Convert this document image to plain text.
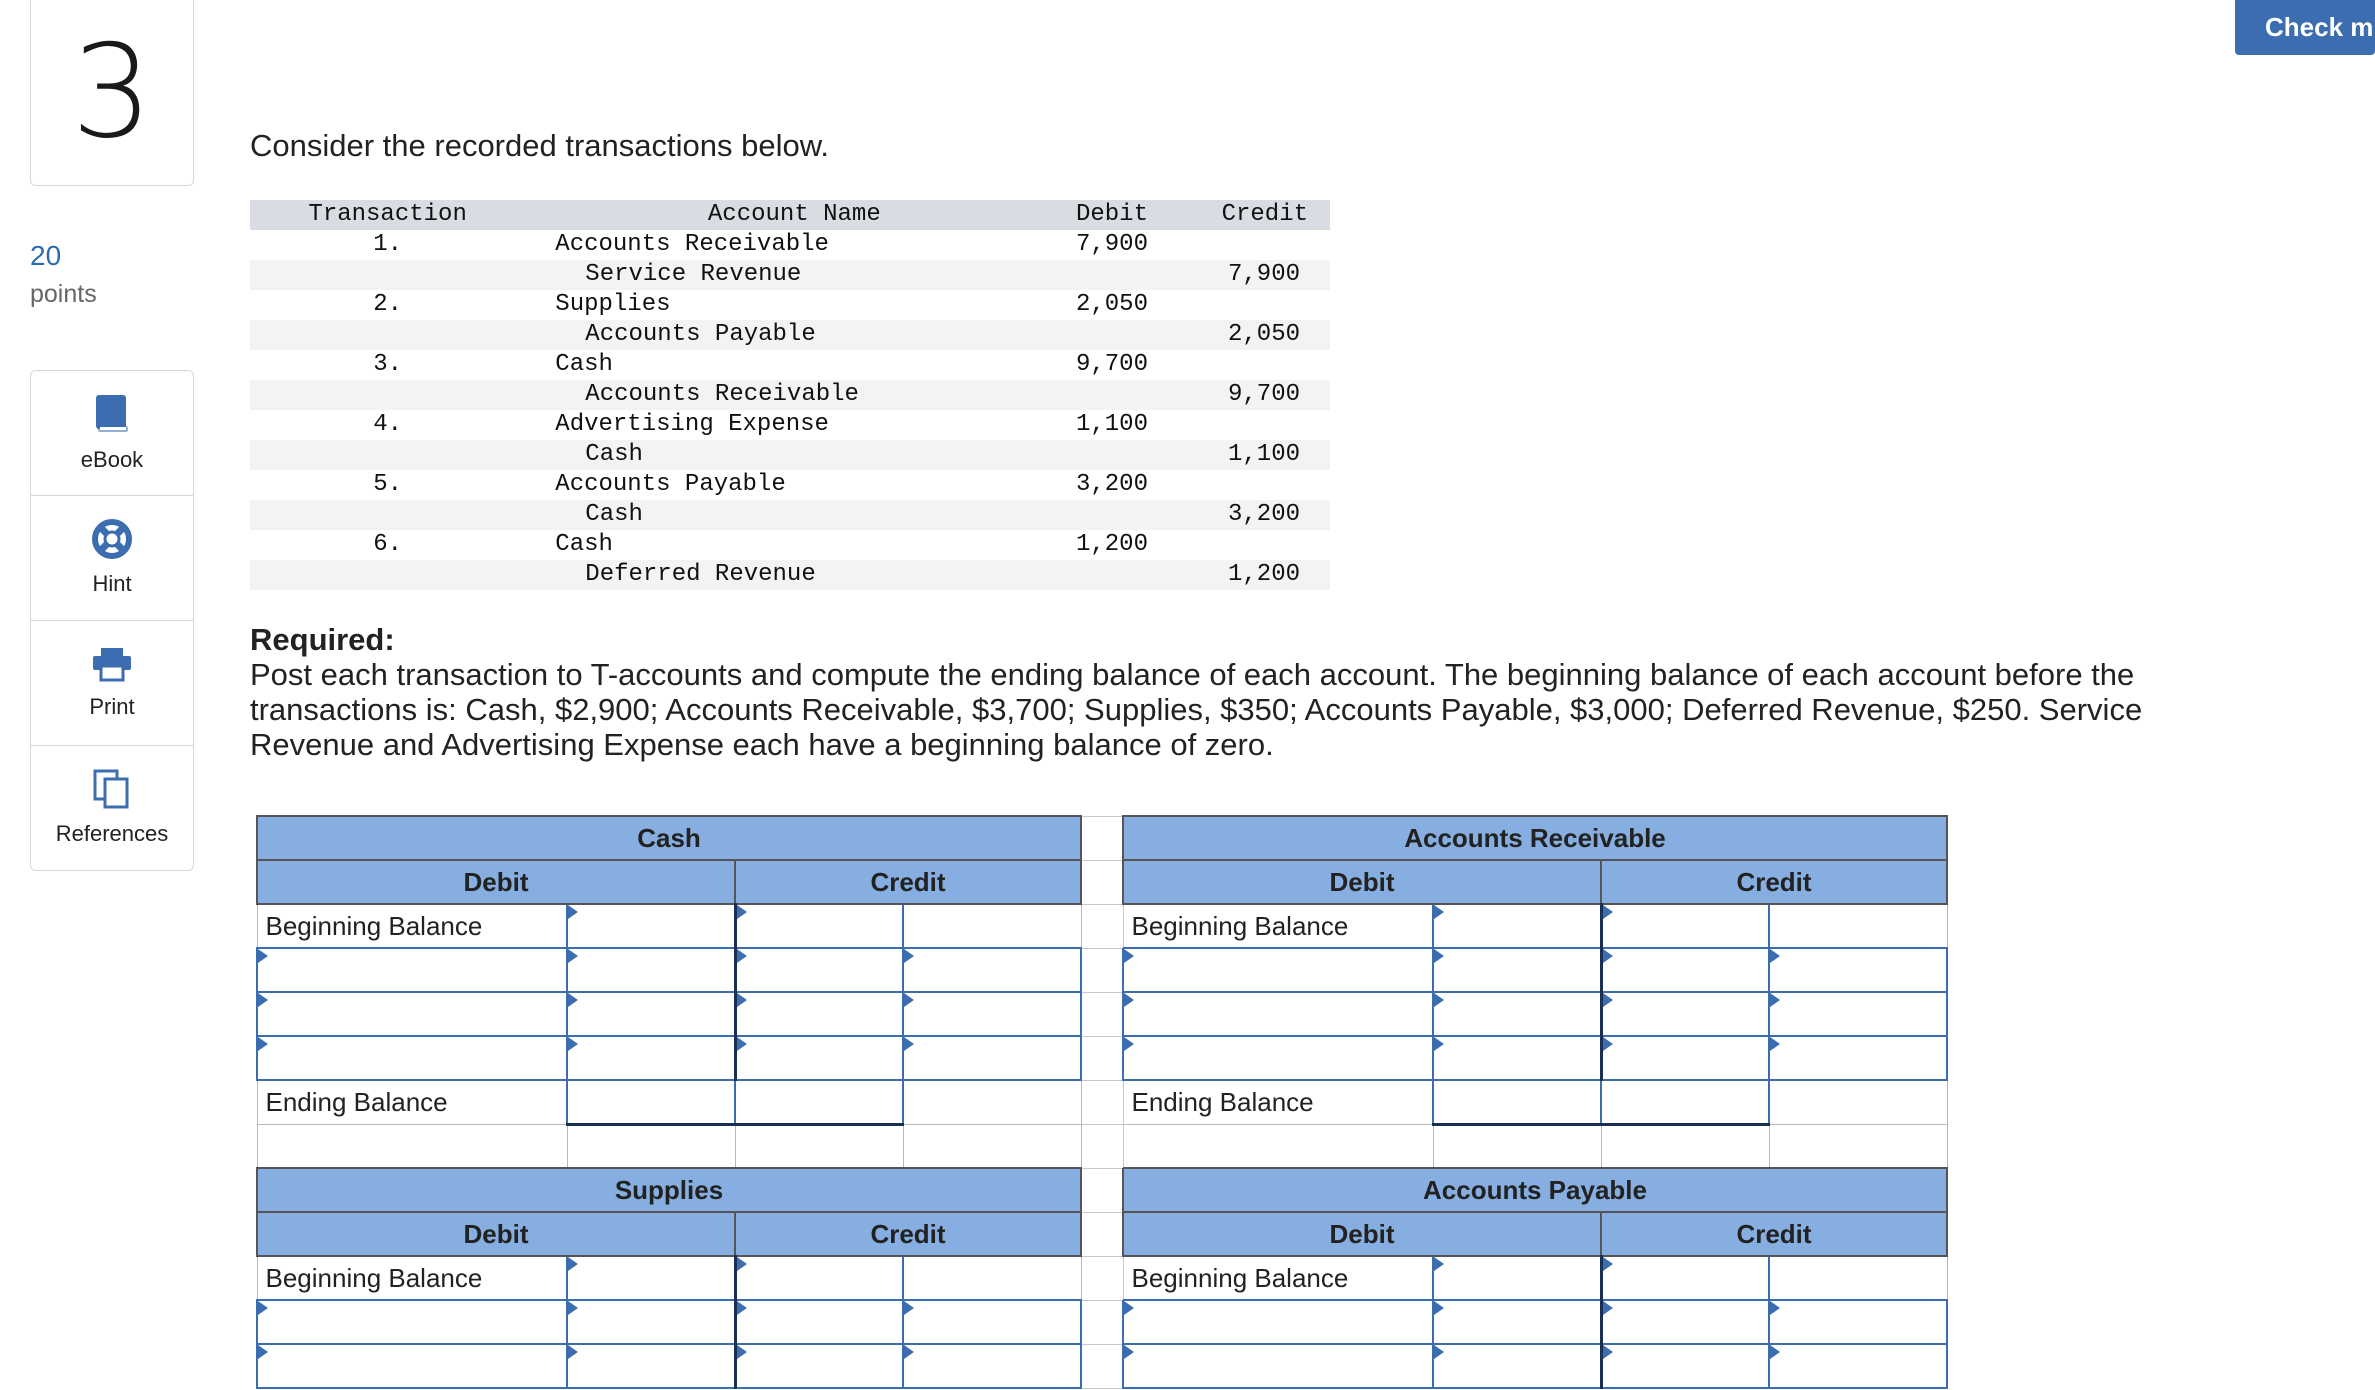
3
20
points
eBook
Hint
Print
References
Check m
Consider the recorded transactions below.
Transaction	Account Name	Debit	Credit
1.	Accounts Receivable	7,900	
	Service Revenue		7,900
2.	Supplies	2,050	
	Accounts Payable		2,050
3.	Cash	9,700	
	Accounts Receivable		9,700
4.	Advertising Expense	1,100	
	Cash		1,100
5.	Accounts Payable	3,200	
	Cash		3,200
6.	Cash	1,200	
	Deferred Revenue		1,200
Required:
Post each transaction to T-accounts and compute the ending balance of each account. The beginning balance of each account before the transactions is: Cash, $2,900; Accounts Receivable, $3,700; Supplies, $350; Accounts Payable, $3,000; Deferred Revenue, $250. Service Revenue and Advertising Expense each have a beginning balance of zero.
Cash					Accounts Receivable			
Debit		Credit			Debit		Credit	
Beginning Balance					Beginning Balance			

Ending Balance					Ending Balance			

Supplies					Accounts Payable			
Debit		Credit			Debit		Credit	
Beginning Balance					Beginning Balance			
